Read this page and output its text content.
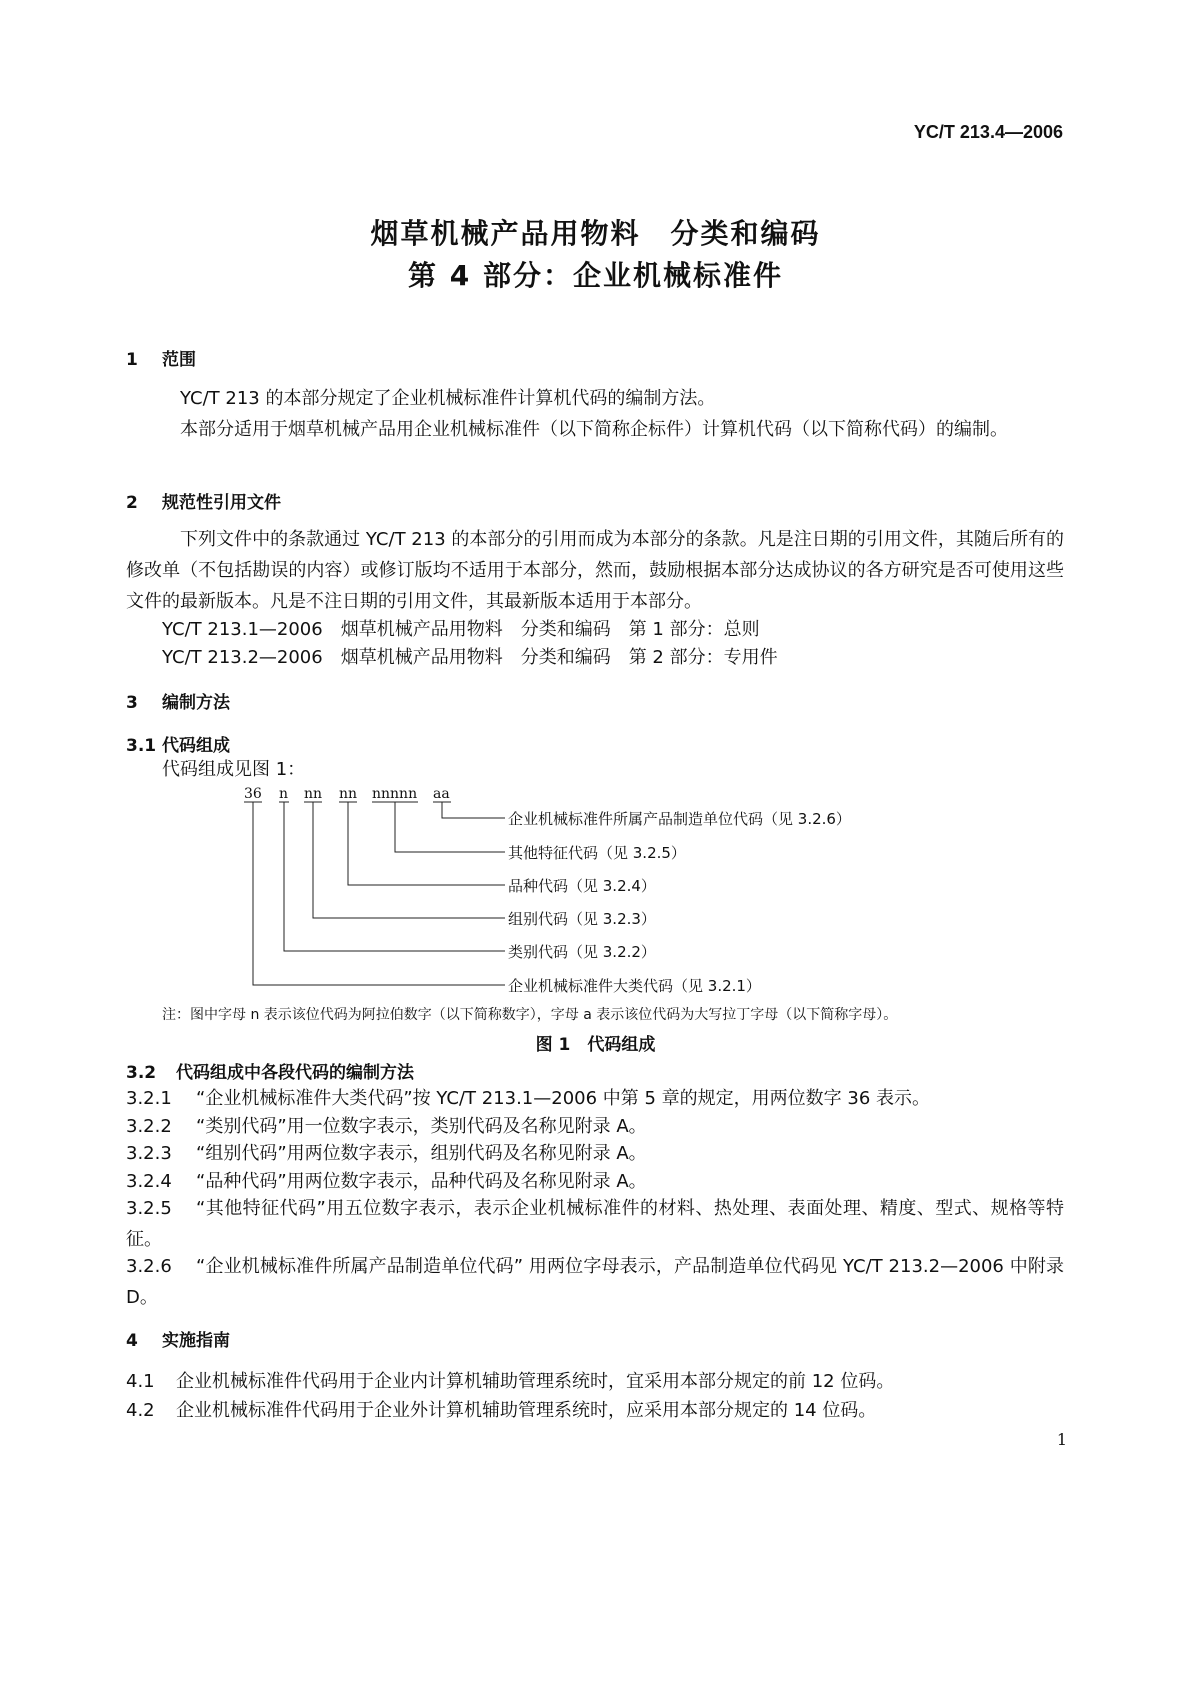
YC/T 213.4—2006
烟草机械产品用物料　分类和编码
第 4 部分：企业机械标准件
1 范围
YC/T 213 的本部分规定了企业机械标准件计算机代码的编制方法。
本部分适用于烟草机械产品用企业机械标准件（以下简称企标件）计算机代码（以下简称代码）的编制。
2 规范性引用文件
下列文件中的条款通过 YC/T 213 的本部分的引用而成为本部分的条款。凡是注日期的引用文件，其随后所有的修改单（不包括勘误的内容）或修订版均不适用于本部分，然而，鼓励根据本部分达成协议的各方研究是否可使用这些文件的最新版本。凡是不注日期的引用文件，其最新版本适用于本部分。
YC/T 213.1—2006　烟草机械产品用物料　分类和编码　第 1 部分：总则
YC/T 213.2—2006　烟草机械产品用物料　分类和编码　第 2 部分：专用件
3 编制方法
3.1 代码组成
代码组成见图 1：
36 n nn nn nnnnn aa
企业机械标准件所属产品制造单位代码（见 3.2.6）
其他特征代码（见 3.2.5）
品种代码（见 3.2.4）
组别代码（见 3.2.3）
类别代码（见 3.2.2）
企业机械标准件大类代码（见 3.2.1）
注：图中字母 n 表示该位代码为阿拉伯数字（以下简称数字），字母 a 表示该位代码为大写拉丁字母（以下简称字母）。
图 1　代码组成
3.2 代码组成中各段代码的编制方法
3.2.1 “企业机械标准件大类代码”按 YC/T 213.1—2006 中第 5 章的规定，用两位数字 36 表示。
3.2.2 “类别代码”用一位数字表示，类别代码及名称见附录 A。
3.2.3 “组别代码”用两位数字表示，组别代码及名称见附录 A。
3.2.4 “品种代码”用两位数字表示，品种代码及名称见附录 A。
3.2.5 “其他特征代码”用五位数字表示，表示企业机械标准件的材料、热处理、表面处理、精度、型式、规格等特征。
3.2.6 “企业机械标准件所属产品制造单位代码” 用两位字母表示，产品制造单位代码见 YC/T 213.2—2006 中附录 D。
4 实施指南
4.1 企业机械标准件代码用于企业内计算机辅助管理系统时，宜采用本部分规定的前 12 位码。
4.2 企业机械标准件代码用于企业外计算机辅助管理系统时，应采用本部分规定的 14 位码。
1
